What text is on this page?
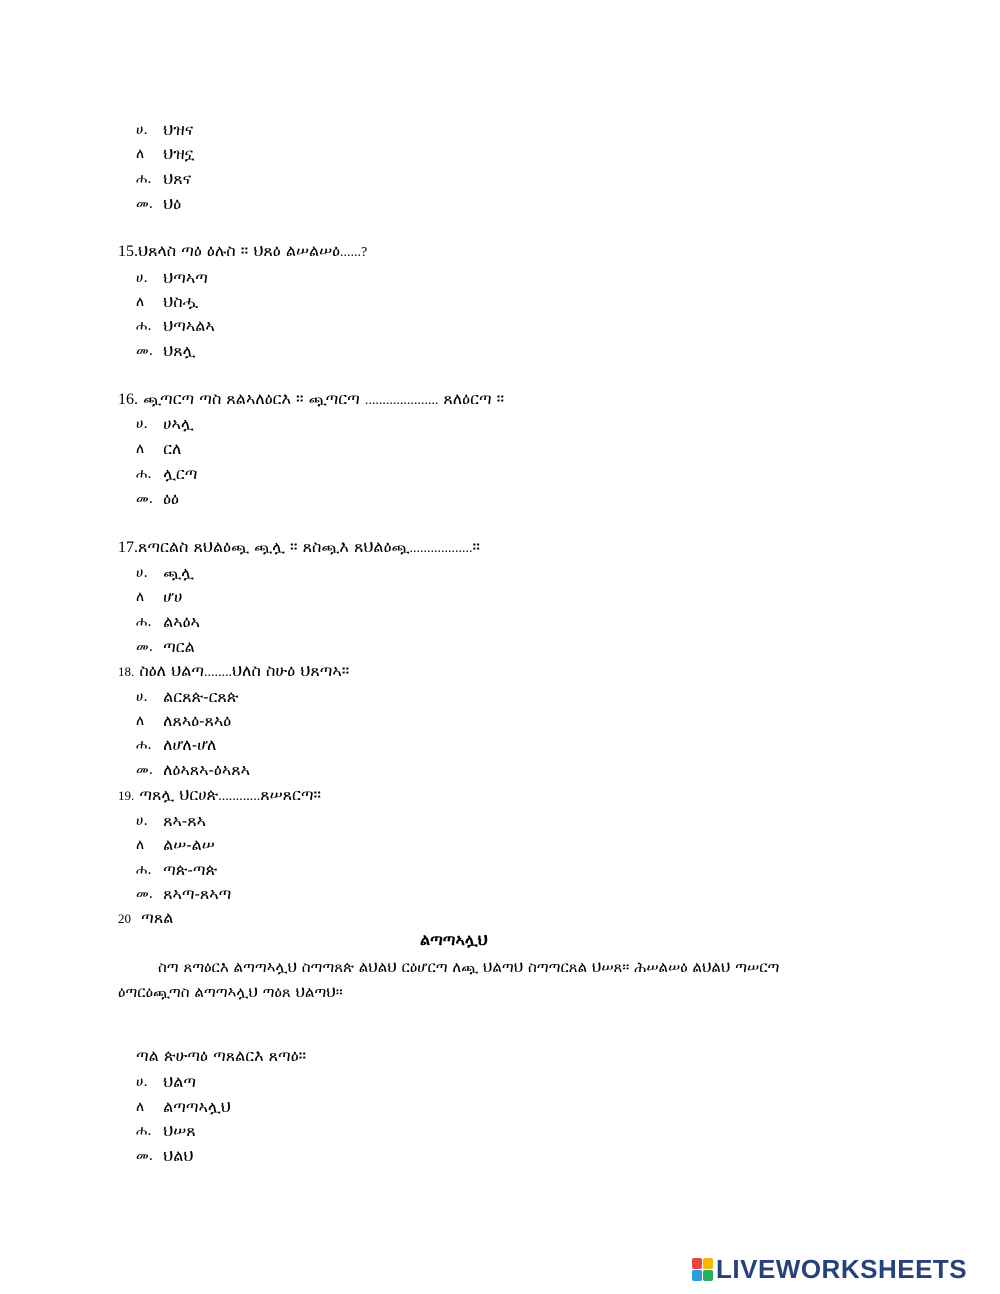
ሀ. ህዝና
ለ ህዝኗ
ሐ. ህጸና
መ. ህዕ
15.ህጸላስ ጣዕ ዕሉስ ። ህጸዕ ልሠልሠዕ......?
ሀ. ህጣኣጣ
ለ ህስሗ
ሐ. ህጣኣልኣ
መ. ህጸሏ
16. ጯጣርጣ ጣስ ጸልኣለዕርእ ። ጯጣርጣ ..................... ጸለዕርጣ ።
ሀ. ሀኣሏ
ለ ርለ
ሐ. ሏርጣ
መ. ዕዕ
17.ጸጣርልስ ጸህልዕጯ ጯሏ ። ጸስጯእ ጸህልዕጯ..................።
ሀ. ጯሏ
ለ ሆሀ
ሐ. ልኣዕኣ
መ. ጣርል
18. ስዕለ ህልጣ........ህለስ ስሁዕ ህጸጣኣ።
ሀ. ልርጸጵ-ርጸጵ
ለ ለጸኣዕ-ጸኣዕ
ሐ. ለሆለ-ሆለ
መ. ለዕኣጸኣ-ዕኣጸኣ
19. ጣጸሏ ህርሀጵ............ጸሠጸርጣ።
ሀ. ጸኣ-ጸኣ
ለ ልሠ-ልሠ
ሐ. ጣጵ-ጣጵ
መ. ጸኣጣ-ጸኣጣ
20 ጣጸል
ልጣጣኣሏህ
ስጣ ጸጣዕርእ ልጣጣኣሏህ ስጣጣጸጵ ልህልህ ርዕሆርጣ ለጯ ህልጣህ ስጣጣርጸል ህሠጸ። ሕሠልሠዕ ልህልህ ጣሠርጣ ዕጣርዕጯጣስ ልጣጣኣሏህ ጣዕጸ ህልጣህ።
ጣል ጵሁጣዕ ጣጸልርእ ጸጣዕ።
ሀ. ህልጣ
ለ ልጣጣኣሏህ
ሐ. ህሠጸ
መ. ህልህ
LIVEWORKSHEETS
